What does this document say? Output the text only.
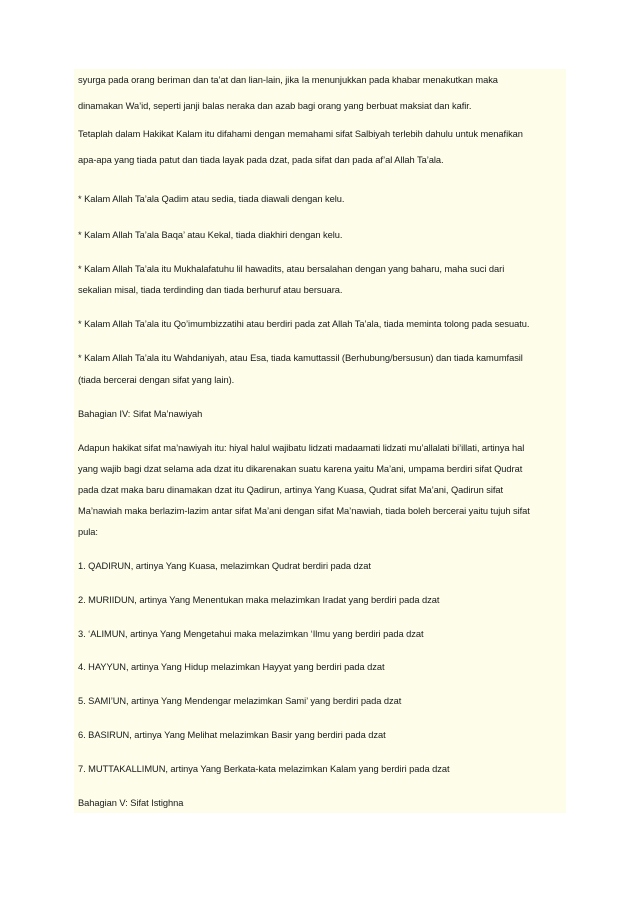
syurga pada orang beriman dan ta’at dan lian-lain, jika Ia menunjukkan pada khabar menakutkan maka

dinamakan Wa’id, seperti janji balas neraka dan azab bagi orang yang berbuat maksiat dan kafir.

Tetaplah dalam Hakikat Kalam itu difahami dengan memahami sifat Salbiyah terlebih dahulu untuk menafikan

apa-apa yang tiada patut dan tiada layak pada dzat, pada sifat dan pada af’al Allah Ta’ala.

* Kalam Allah Ta’ala Qadim atau sedia, tiada diawali dengan kelu.

* Kalam Allah Ta’ala Baqa’ atau Kekal, tiada diakhiri dengan kelu.

* Kalam Allah Ta’ala itu Mukhalafatuhu lil hawadits, atau bersalahan dengan yang baharu, maha suci dari

sekalian misal, tiada terdinding dan tiada berhuruf atau bersuara.

* Kalam Allah Ta’ala itu Qo’imumbizzatihi atau berdiri pada zat Allah Ta’ala, tiada meminta tolong pada sesuatu.

* Kalam Allah Ta’ala itu Wahdaniyah, atau Esa, tiada kamuttassil (Berhubung/bersusun) dan tiada kamumfasil

(tiada bercerai dengan sifat yang lain).

Bahagian IV: Sifat Ma’nawiyah

Adapun hakikat sifat ma’nawiyah itu: hiyal halul wajibatu lidzati madaamati lidzati mu’allalati bi’illati, artinya hal

yang wajib bagi dzat selama ada dzat itu dikarenakan suatu karena yaitu Ma’ani, umpama berdiri sifat Qudrat

pada dzat maka baru dinamakan dzat itu Qadirun, artinya Yang Kuasa, Qudrat sifat Ma’ani, Qadirun sifat

Ma’nawiah maka berlazim-lazim antar sifat Ma’ani dengan sifat Ma’nawiah, tiada boleh bercerai yaitu tujuh sifat

pula:

1. QADIRUN, artinya Yang Kuasa, melazimkan Qudrat berdiri pada dzat

2. MURIIDUN, artinya Yang Menentukan maka melazimkan Iradat yang berdiri pada dzat

3. ‘ALIMUN, artinya Yang Mengetahui maka melazimkan ‘Ilmu yang berdiri pada dzat

4. HAYYUN, artinya Yang Hidup melazimkan Hayyat yang berdiri pada dzat

5. SAMI’UN, artinya Yang Mendengar melazimkan Sami’ yang berdiri pada dzat

6. BASIRUN, artinya Yang Melihat melazimkan Basir yang berdiri pada dzat

7. MUTTAKALLIMUN, artinya Yang Berkata-kata melazimkan Kalam yang berdiri pada dzat

Bahagian V: Sifat Istighna
